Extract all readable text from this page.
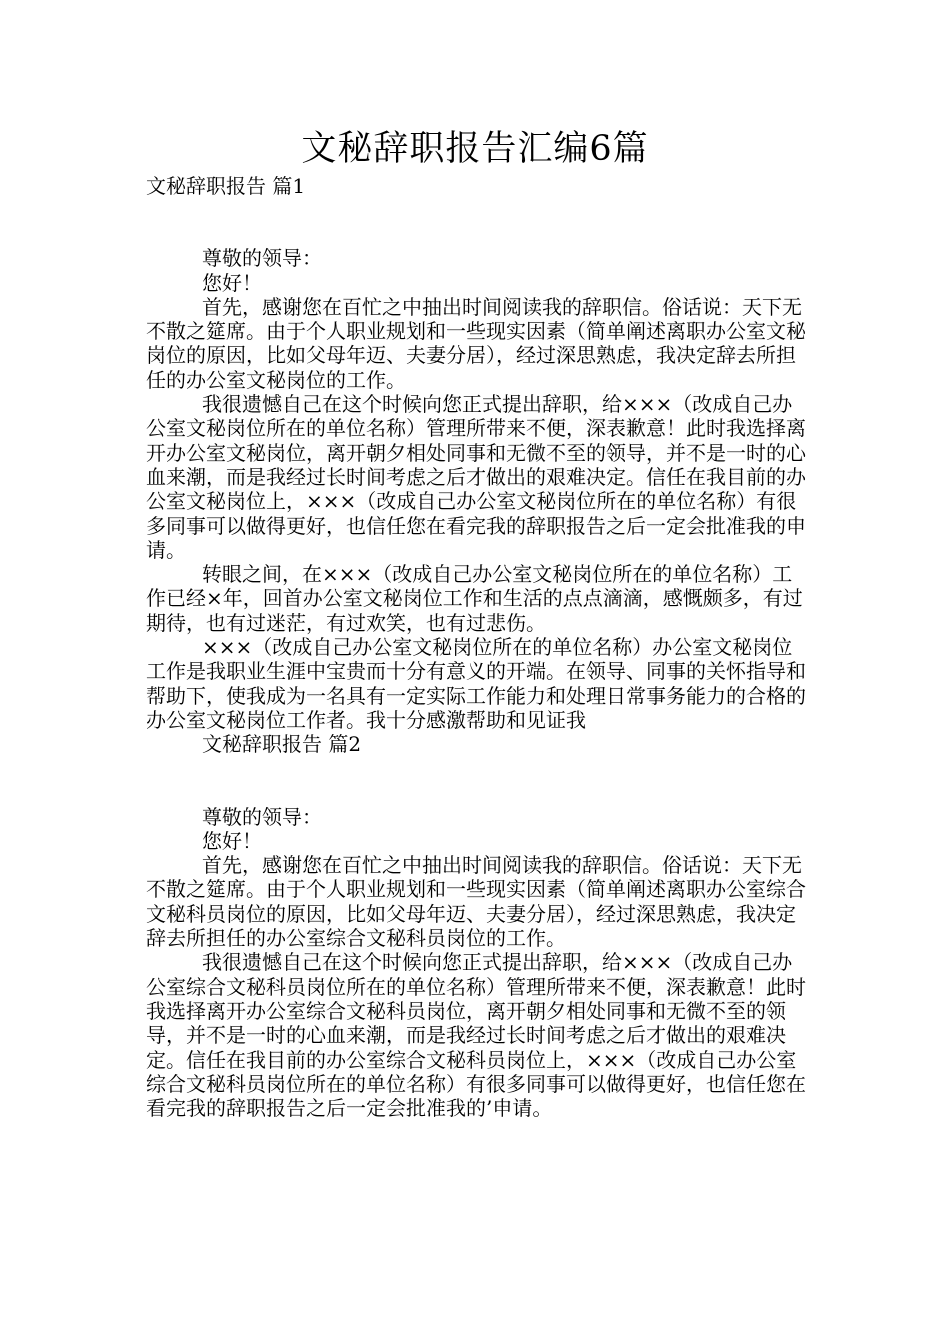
文秘辞职报告汇编6篇

文秘辞职报告 篇1

尊敬的领导：

您好！

首先，感谢您在百忙之中抽出时间阅读我的辞职信。俗话说：天下无不散之筵席。由于个人职业规划和一些现实因素（简单阐述离职办公室文秘岗位的原因，比如父母年迈、夫妻分居），经过深思熟虑，我决定辞去所担任的办公室文秘岗位的工作。

我很遗憾自己在这个时候向您正式提出辞职，给×××（改成自己办公室文秘岗位所在的单位名称）管理所带来不便，深表歉意！此时我选择离开办公室文秘岗位，离开朝夕相处同事和无微不至的领导，并不是一时的心血来潮，而是我经过长时间考虑之后才做出的艰难决定。信任在我目前的办公室文秘岗位上，×××（改成自己办公室文秘岗位所在的单位名称）有很多同事可以做得更好，也信任您在看完我的辞职报告之后一定会批准我的申请。

转眼之间，在×××（改成自己办公室文秘岗位所在的单位名称）工作已经×年，回首办公室文秘岗位工作和生活的点点滴滴，感慨颇多，有过期待，也有过迷茫，有过欢笑，也有过悲伤。

×××（改成自己办公室文秘岗位所在的单位名称）办公室文秘岗位工作是我职业生涯中宝贵而十分有意义的开端。在领导、同事的关怀指导和帮助下，使我成为一名具有一定实际工作能力和处理日常事务能力的合格的办公室文秘岗位工作者。我十分感激帮助和见证我

文秘辞职报告 篇2

尊敬的领导：

您好！

首先，感谢您在百忙之中抽出时间阅读我的辞职信。俗话说：天下无不散之筵席。由于个人职业规划和一些现实因素（简单阐述离职办公室综合文秘科员岗位的原因，比如父母年迈、夫妻分居），经过深思熟虑，我决定辞去所担任的办公室综合文秘科员岗位的工作。

我很遗憾自己在这个时候向您正式提出辞职，给×××（改成自己办公室综合文秘科员岗位所在的单位名称）管理所带来不便，深表歉意！此时我选择离开办公室综合文秘科员岗位，离开朝夕相处同事和无微不至的领导，并不是一时的心血来潮，而是我经过长时间考虑之后才做出的艰难决定。信任在我目前的办公室综合文秘科员岗位上，×××（改成自己办公室综合文秘科员岗位所在的单位名称）有很多同事可以做得更好，也信任您在看完我的辞职报告之后一定会批准我的’申请。
